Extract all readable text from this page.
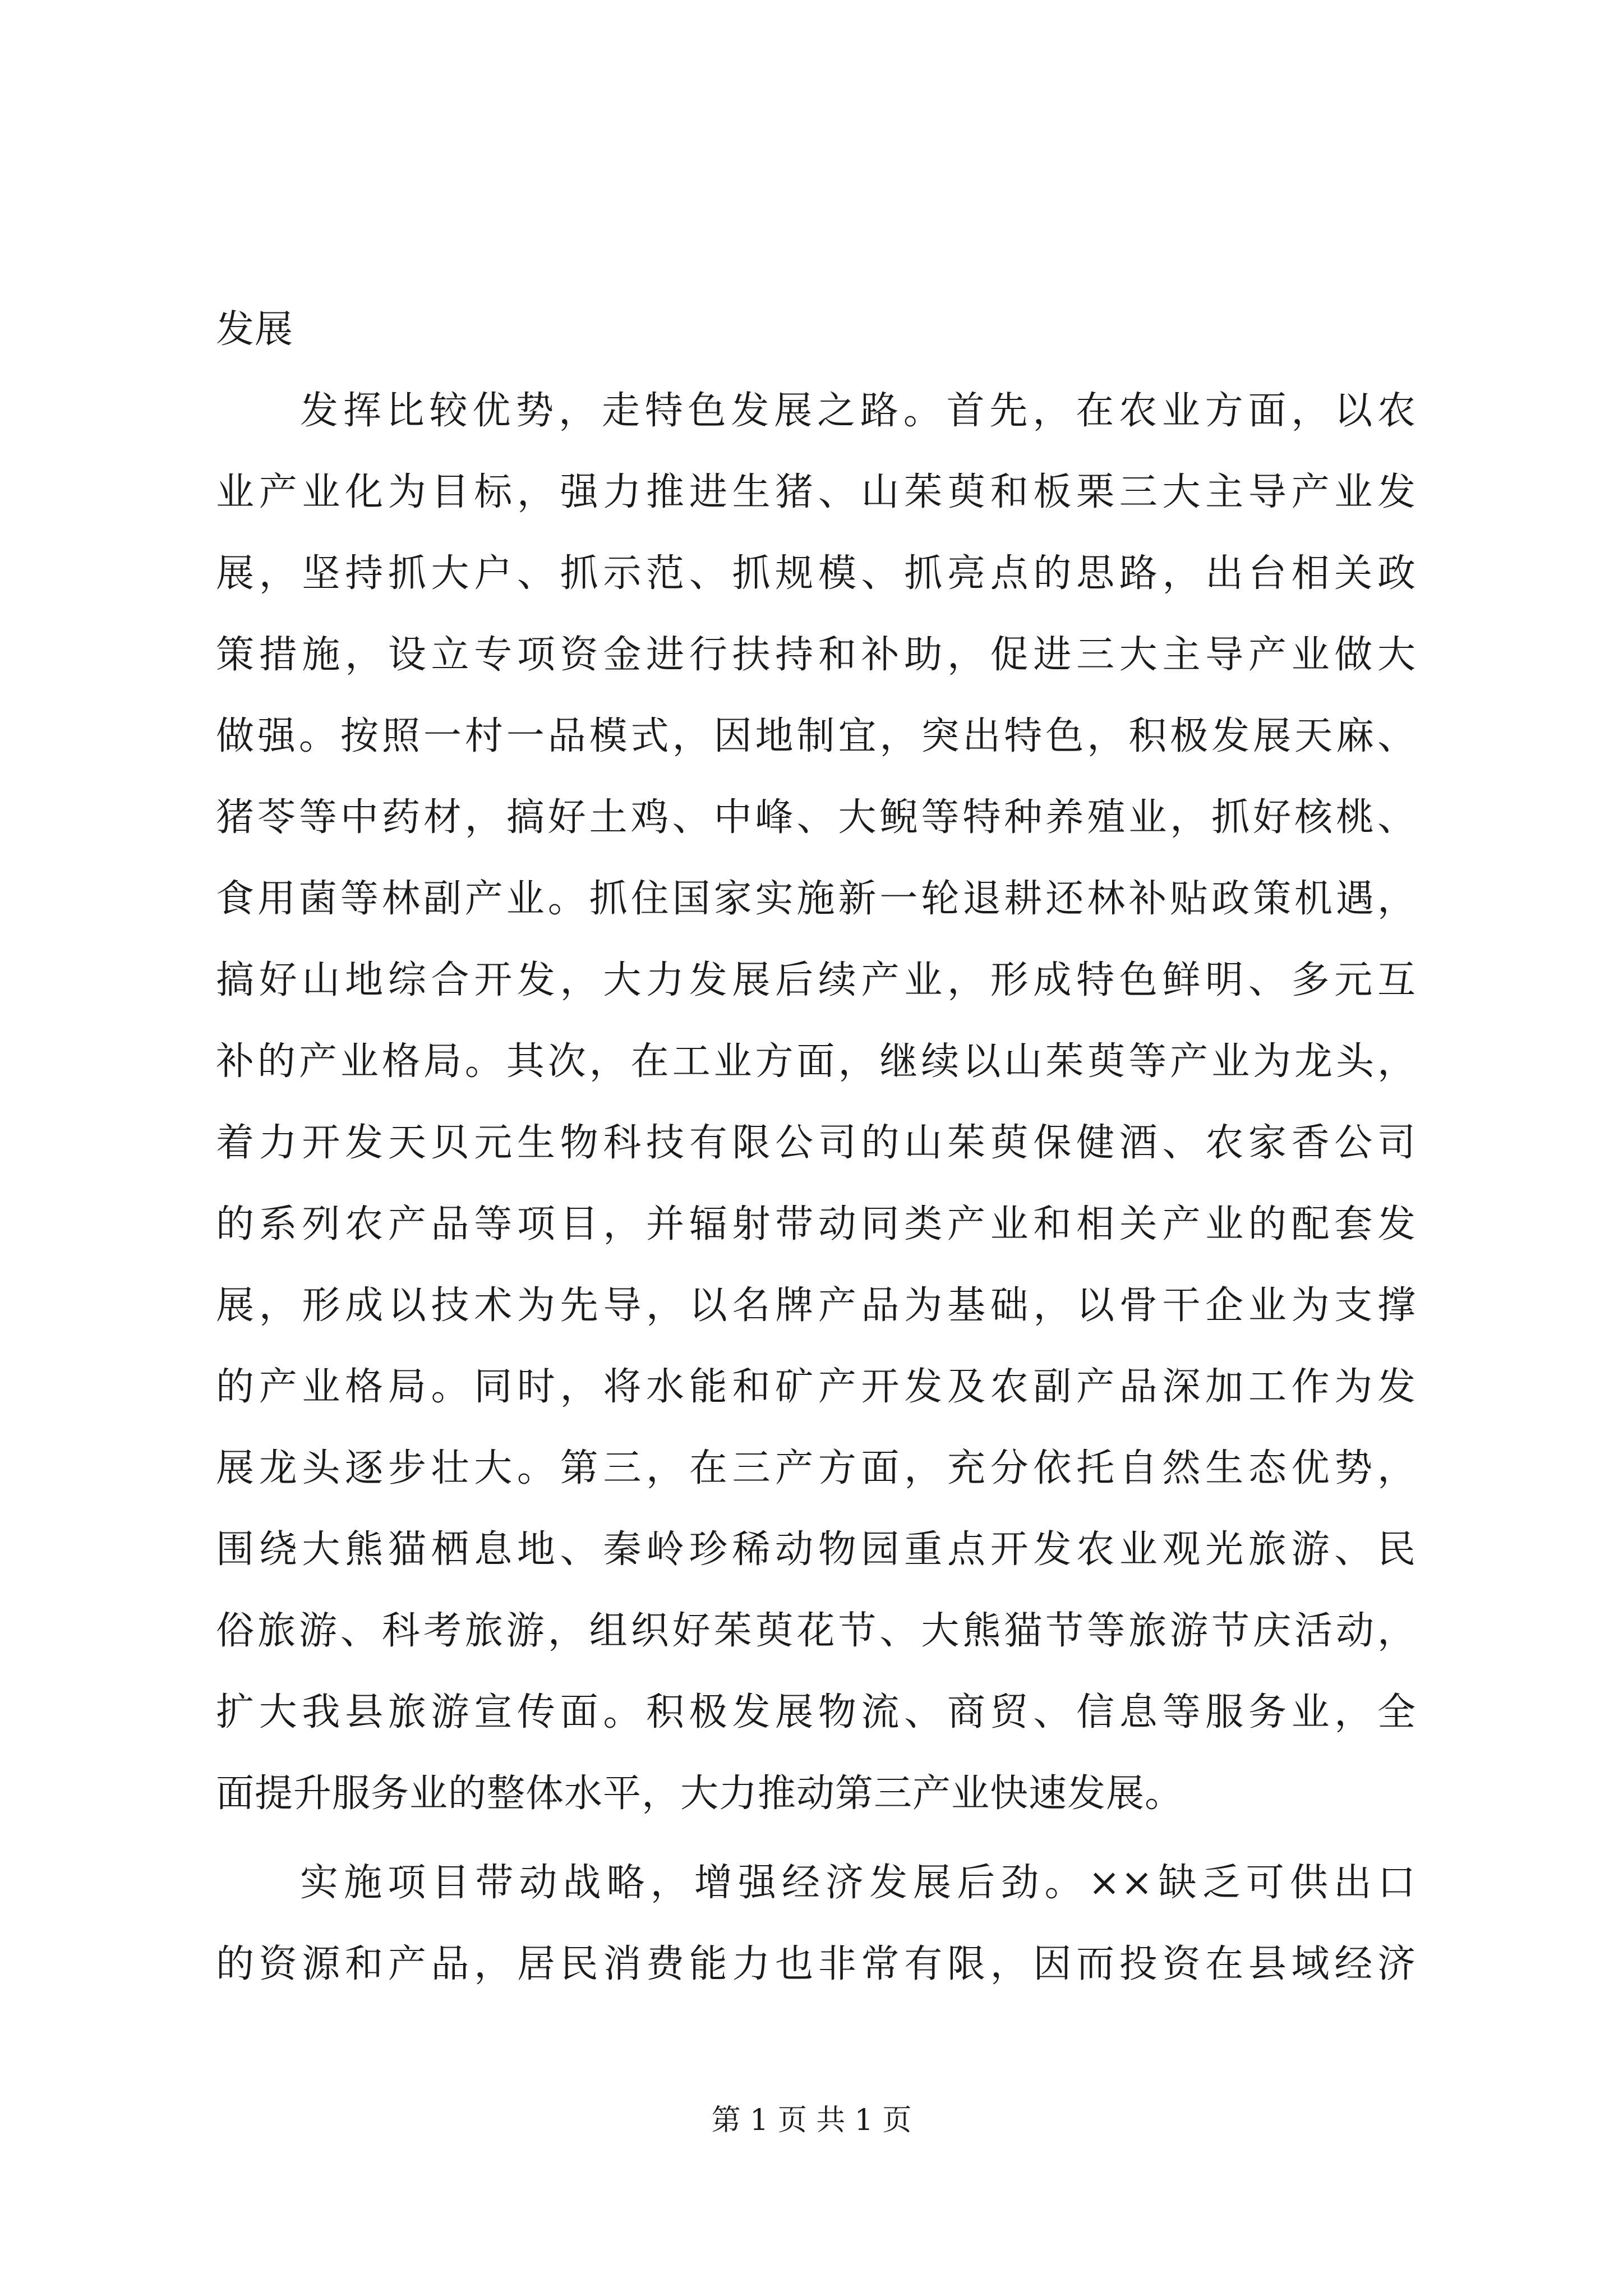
发展
发挥比较优势，走特色发展之路。首先，在农业方面，以农
业产业化为目标，强力推进生猪、山茱萸和板栗三大主导产业发
展，坚持抓大户、抓示范、抓规模、抓亮点的思路，出台相关政
策措施，设立专项资金进行扶持和补助，促进三大主导产业做大
做强。按照一村一品模式，因地制宜，突出特色，积极发展天麻、
猪苓等中药材，搞好土鸡、中峰、大鲵等特种养殖业，抓好核桃、
食用菌等林副产业。抓住国家实施新一轮退耕还林补贴政策机遇，
搞好山地综合开发，大力发展后续产业，形成特色鲜明、多元互
补的产业格局。其次，在工业方面，继续以山茱萸等产业为龙头，
着力开发天贝元生物科技有限公司的山茱萸保健酒、农家香公司
的系列农产品等项目，并辐射带动同类产业和相关产业的配套发
展，形成以技术为先导，以名牌产品为基础，以骨干企业为支撑
的产业格局。同时，将水能和矿产开发及农副产品深加工作为发
展龙头逐步壮大。第三，在三产方面，充分依托自然生态优势，
围绕大熊猫栖息地、秦岭珍稀动物园重点开发农业观光旅游、民
俗旅游、科考旅游，组织好茱萸花节、大熊猫节等旅游节庆活动，
扩大我县旅游宣传面。积极发展物流、商贸、信息等服务业，全
面提升服务业的整体水平，大力推动第三产业快速发展。
实施项目带动战略，增强经济发展后劲。××缺乏可供出口
的资源和产品，居民消费能力也非常有限，因而投资在县域经济
第 1 页 共 1 页
